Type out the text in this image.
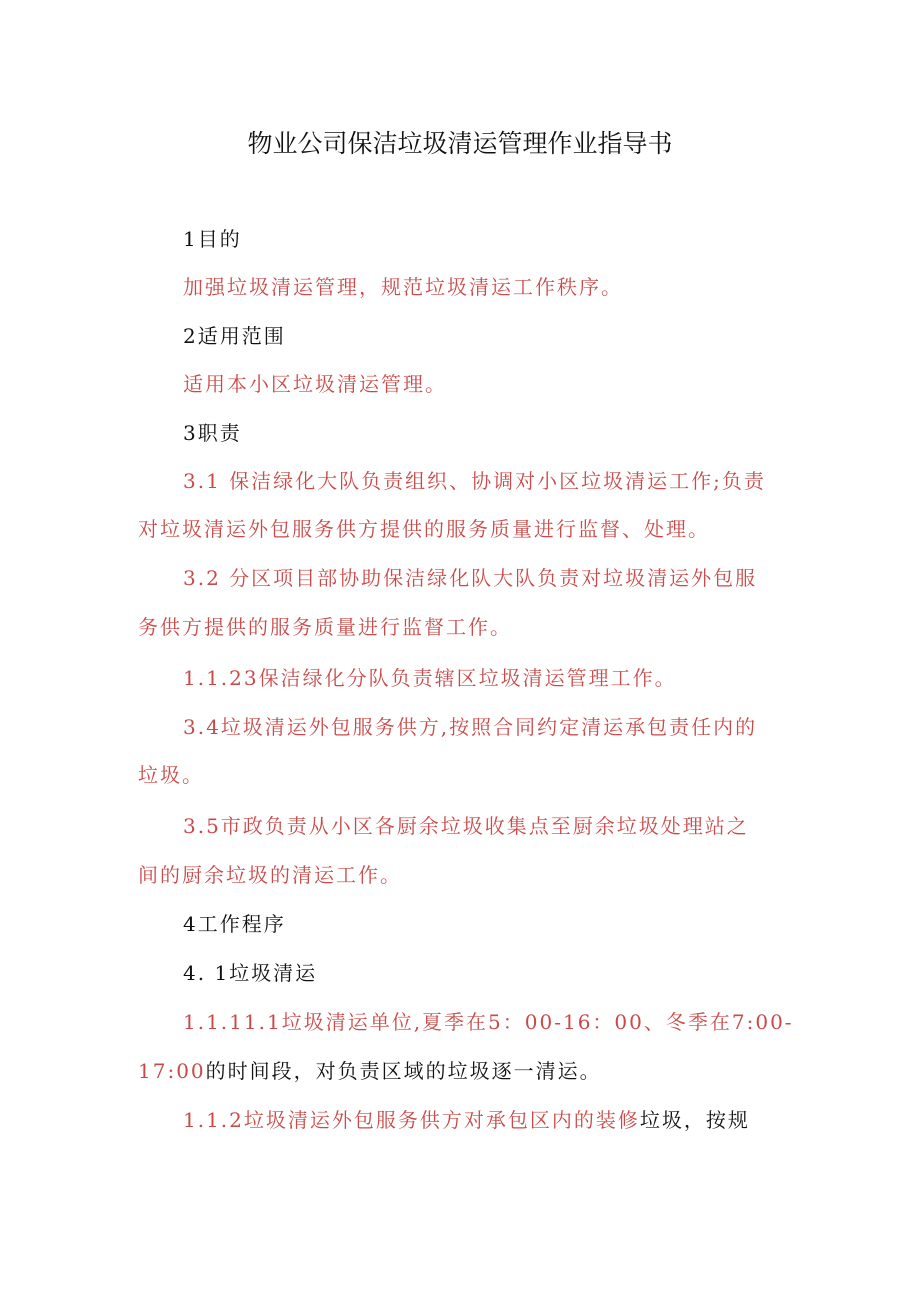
物业公司保洁垃圾清运管理作业指导书
1目的
加强垃圾清运管理，规范垃圾清运工作秩序。
2适用范围
适用本小区垃圾清运管理。
3职责
3.1 保洁绿化大队负责组织、协调对小区垃圾清运工作;负责
对垃圾清运外包服务供方提供的服务质量进行监督、处理。
3.2 分区项目部协助保洁绿化队大队负责对垃圾清运外包服
务供方提供的服务质量进行监督工作。
1.1.23保洁绿化分队负责辖区垃圾清运管理工作。
3.4垃圾清运外包服务供方,按照合同约定清运承包责任内的
垃圾。
3.5市政负责从小区各厨余垃圾收集点至厨余垃圾处理站之
间的厨余垃圾的清运工作。
4工作程序
4. 1垃圾清运
1.1.11.1垃圾清运单位,夏季在5：00-16：00、冬季在7:00-
17:00的时间段，对负责区域的垃圾逐一清运。
1.1.2垃圾清运外包服务供方对承包区内的装修垃圾，按规
